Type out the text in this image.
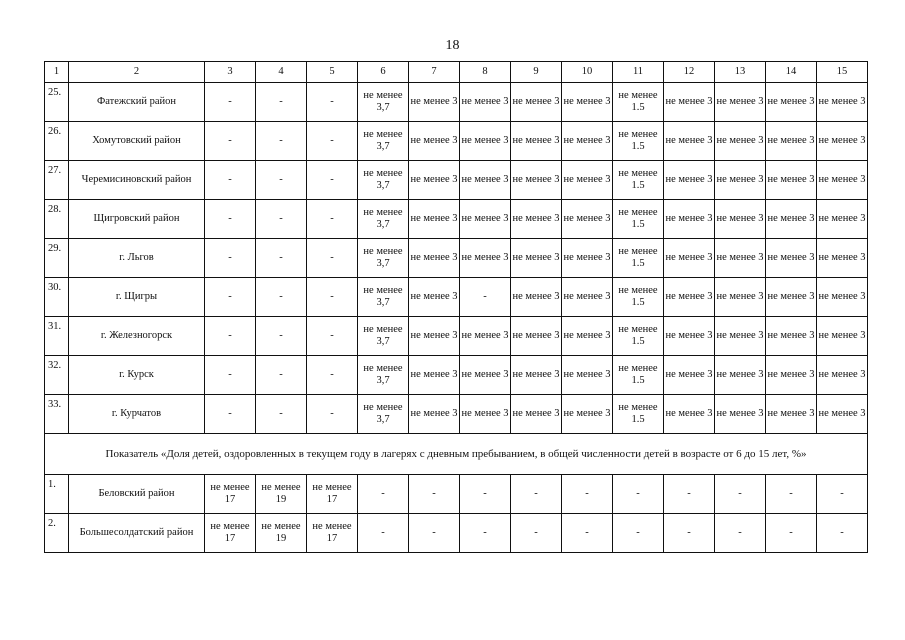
18
1	2	3	4	5	6	7	8	9	10	11	12	13	14	15
25.	Фатежский район	-	-	-	не менее 3,7	не менее 3	не менее 3	не менее 3	не менее 3	не менее 1.5	не менее 3	не менее 3	не менее 3	не менее 3
26.	Хомутовский район	-	-	-	не менее 3,7	не менее 3	не менее 3	не менее 3	не менее 3	не менее 1.5	не менее 3	не менее 3	не менее 3	не менее 3
27.	Черемисиновский район	-	-	-	не менее 3,7	не менее 3	не менее 3	не менее 3	не менее 3	не менее 1.5	не менее 3	не менее 3	не менее 3	не менее 3
28.	Щигровский район	-	-	-	не менее 3,7	не менее 3	не менее 3	не менее 3	не менее 3	не менее 1.5	не менее 3	не менее 3	не менее 3	не менее 3
29.	г. Льгов	-	-	-	не менее 3,7	не менее 3	не менее 3	не менее 3	не менее 3	не менее 1.5	не менее 3	не менее 3	не менее 3	не менее 3
30.	г. Щигры	-	-	-	не менее 3,7	не менее 3	-	не менее 3	не менее 3	не менее 1.5	не менее 3	не менее 3	не менее 3	не менее 3
31.	г. Железногорск	-	-	-	не менее 3,7	не менее 3	не менее 3	не менее 3	не менее 3	не менее 1.5	не менее 3	не менее 3	не менее 3	не менее 3
32.	г. Курск	-	-	-	не менее 3,7	не менее 3	не менее 3	не менее 3	не менее 3	не менее 1.5	не менее 3	не менее 3	не менее 3	не менее 3
33.	г. Курчатов	-	-	-	не менее 3,7	не менее 3	не менее 3	не менее 3	не менее 3	не менее 1.5	не менее 3	не менее 3	не менее 3	не менее 3
Показатель «Доля детей, оздоровленных в текущем году в лагерях с дневным пребыванием, в общей численности детей в возрасте от 6 до 15 лет, %»														
1.	Беловский район	не менее 17	не менее 19	не менее 17	-	-	-	-	-	-	-	-	-	-
2.	Большесолдатский район	не менее 17	не менее 19	не менее 17	-	-	-	-	-	-	-	-	-	-
